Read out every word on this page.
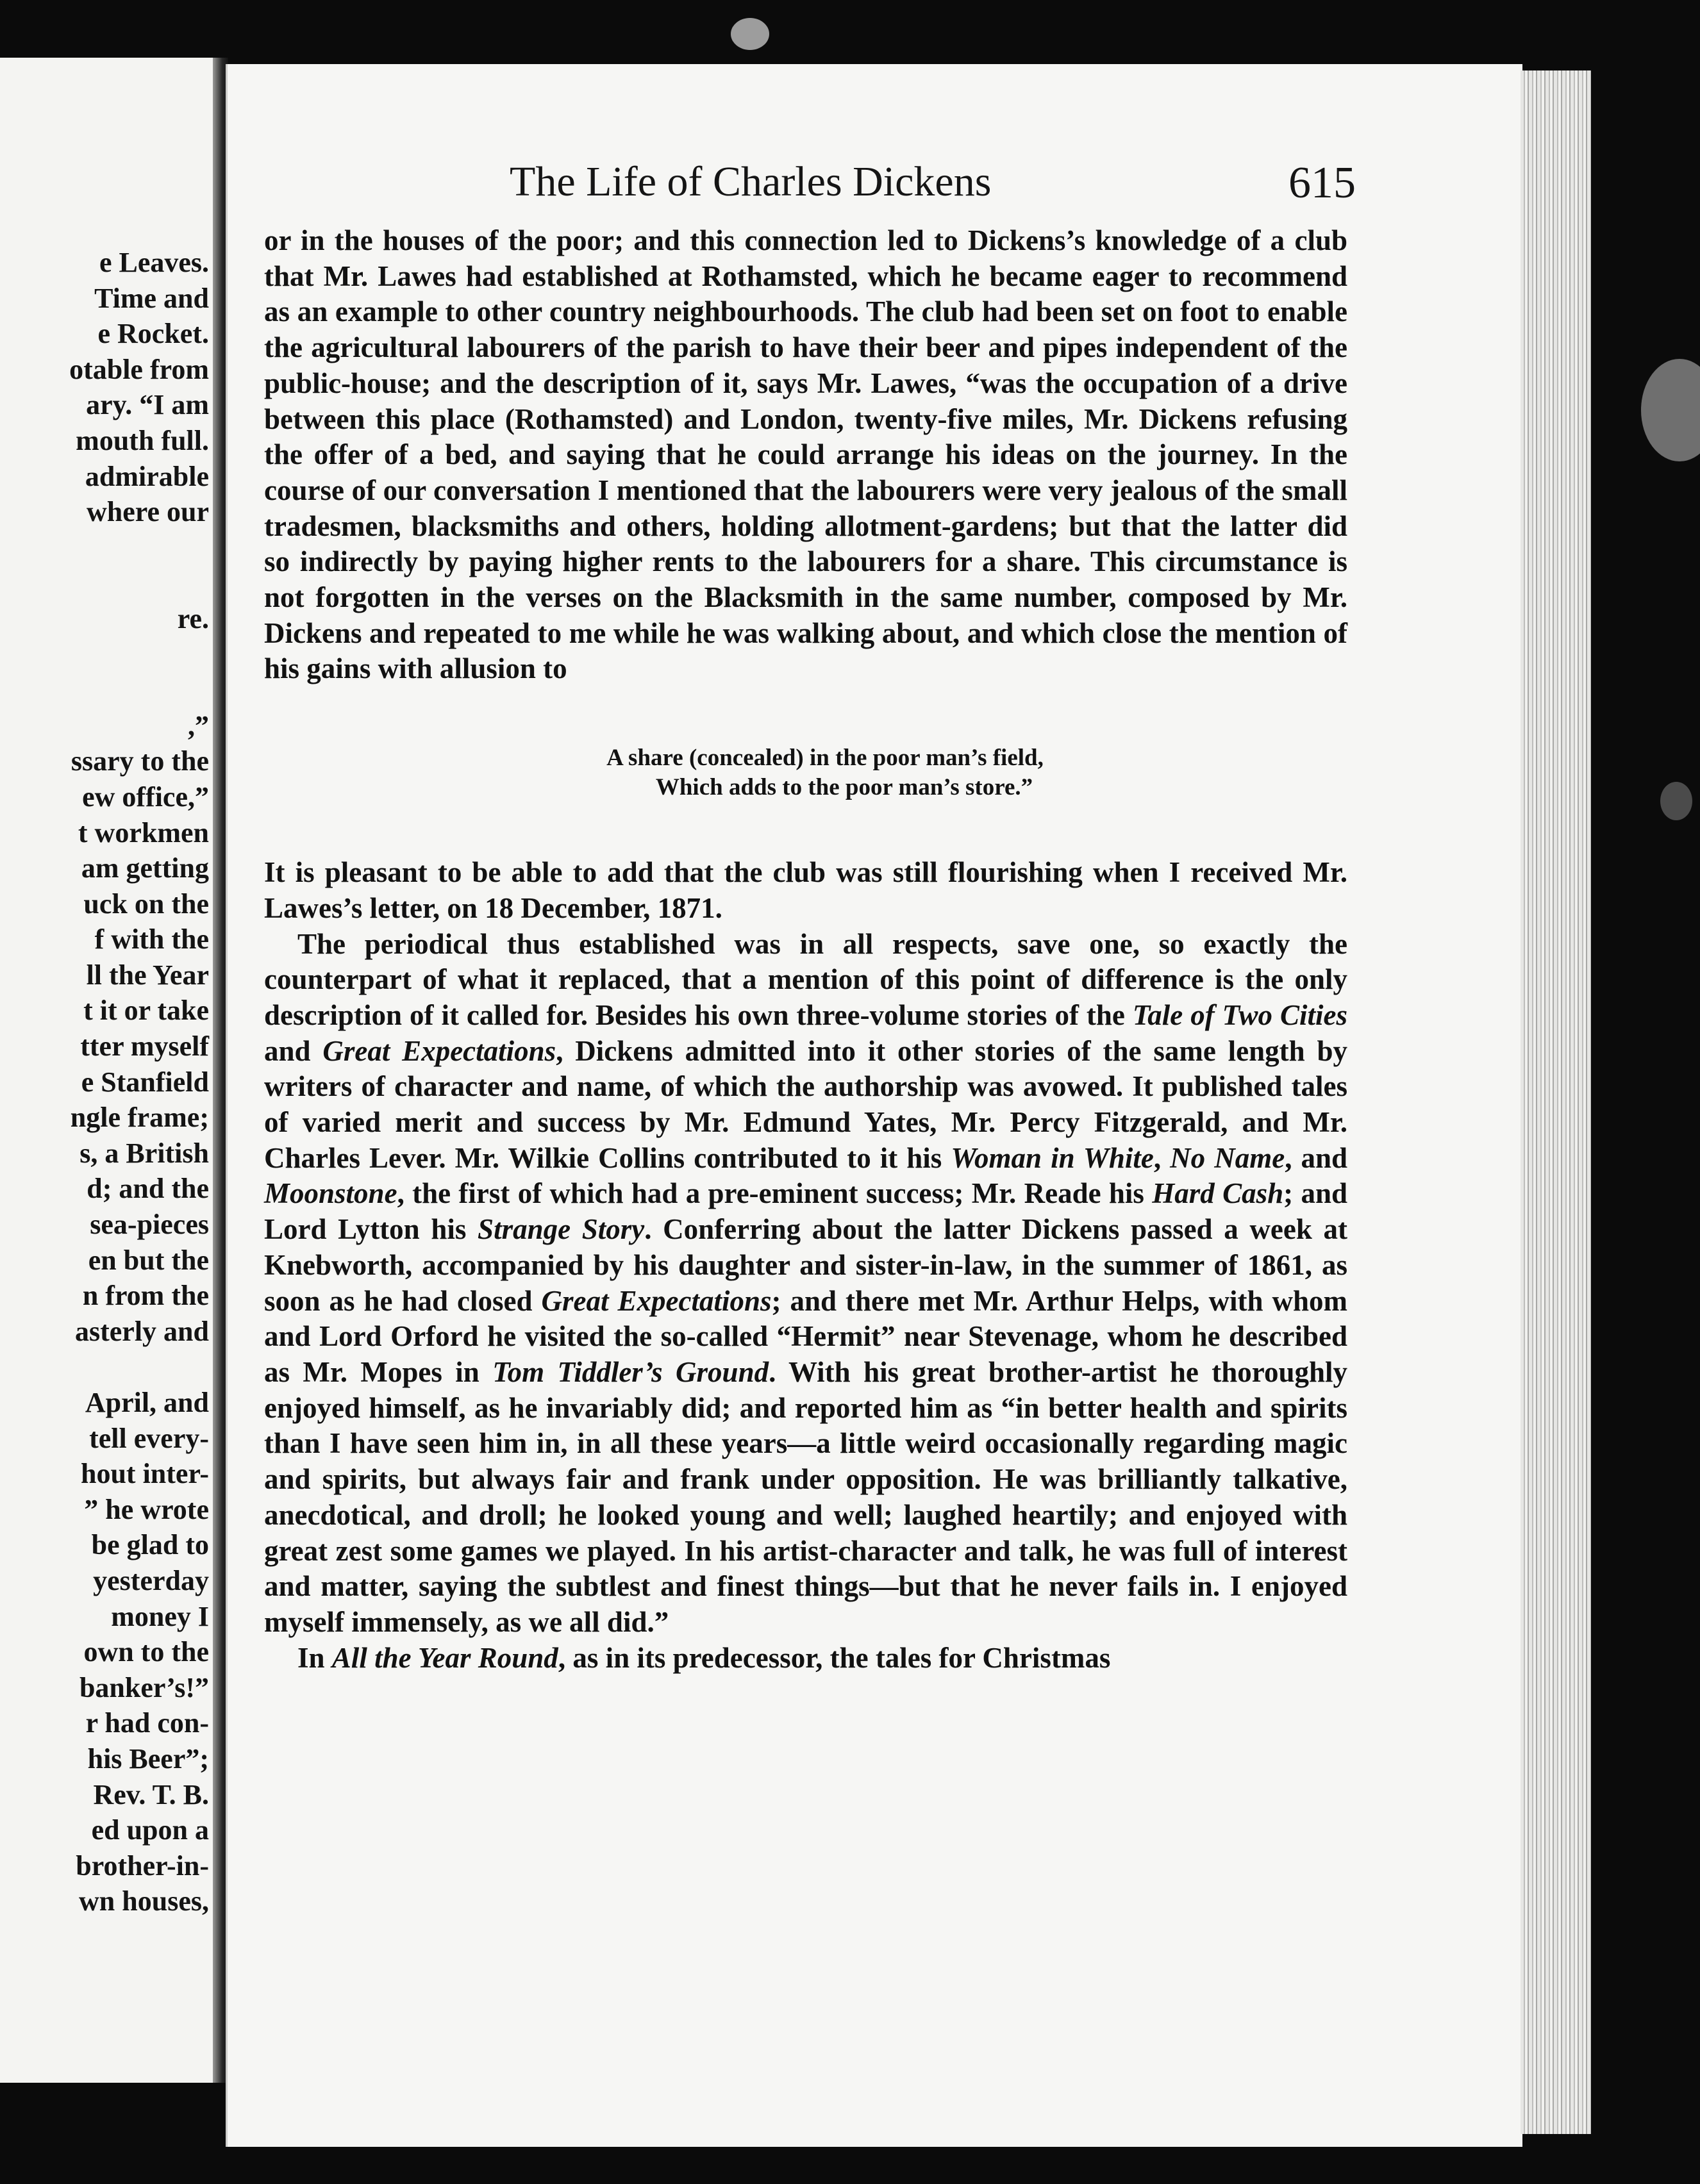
e Leaves.
Time and
e Rocket.
otable from
ary. “I am
mouth full.
admirable
where our
re.
,”
ssary to the
ew office,”
t workmen
am getting
uck on the
f with the
ll the Year
t it or take
tter myself
e Stanfield
ngle frame;
s, a British
d; and the
sea-pieces
en but the
n from the
asterly and
April, and
tell every-
hout inter-
” he wrote
be glad to
yesterday
money I
own to the
banker’s!”
r had con-
his Beer”;
Rev. T. B.
ed upon a
brother-in-
wn houses,
The Life of Charles Dickens	615

or in the houses of the poor; and this connection led to Dickens’s knowledge of a club that Mr. Lawes had established at Rothamsted, which he became eager to recommend as an example to other country neighbourhoods. The club had been set on foot to enable the agricultural labourers of the parish to have their beer and pipes independent of the public-house; and the description of it, says Mr. Lawes, “was the occupation of a drive between this place (Rothamsted) and London, twenty-five miles, Mr. Dickens refusing the offer of a bed, and saying that he could arrange his ideas on the journey. In the course of our conversation I mentioned that the labourers were very jealous of the small tradesmen, blacksmiths and others, holding allotment-gardens; but that the latter did so indirectly by paying higher rents to the labourers for a share. This circumstance is not forgotten in the verses on the Blacksmith in the same number, composed by Mr. Dickens and repeated to me while he was walking about, and which close the mention of his gains with allusion to

A share (concealed) in the poor man’s field,
Which adds to the poor man’s store.”

It is pleasant to be able to add that the club was still flourishing when I received Mr. Lawes’s letter, on 18 December, 1871.

The periodical thus established was in all respects, save one, so exactly the counterpart of what it replaced, that a mention of this point of difference is the only description of it called for. Besides his own three-volume stories of the Tale of Two Cities and Great Expectations, Dickens admitted into it other stories of the same length by writers of character and name, of which the authorship was avowed. It published tales of varied merit and success by Mr. Edmund Yates, Mr. Percy Fitzgerald, and Mr. Charles Lever. Mr. Wilkie Collins contributed to it his Woman in White, No Name, and Moonstone, the first of which had a pre-eminent success; Mr. Reade his Hard Cash; and Lord Lytton his Strange Story. Conferring about the latter Dickens passed a week at Knebworth, accompanied by his daughter and sister-in-law, in the summer of 1861, as soon as he had closed Great Expectations; and there met Mr. Arthur Helps, with whom and Lord Orford he visited the so-called “Hermit” near Stevenage, whom he described as Mr. Mopes in Tom Tiddler’s Ground. With his great brother-artist he thoroughly enjoyed himself, as he invariably did; and reported him as “in better health and spirits than I have seen him in, in all these years—a little weird occasionally regarding magic and spirits, but always fair and frank under opposition. He was brilliantly talkative, anecdotical, and droll; he looked young and well; laughed heartily; and enjoyed with great zest some games we played. In his artist-character and talk, he was full of interest and matter, saying the subtlest and finest things—but that he never fails in. I enjoyed myself immensely, as we all did.”

In All the Year Round, as in its predecessor, the tales for Christmas
